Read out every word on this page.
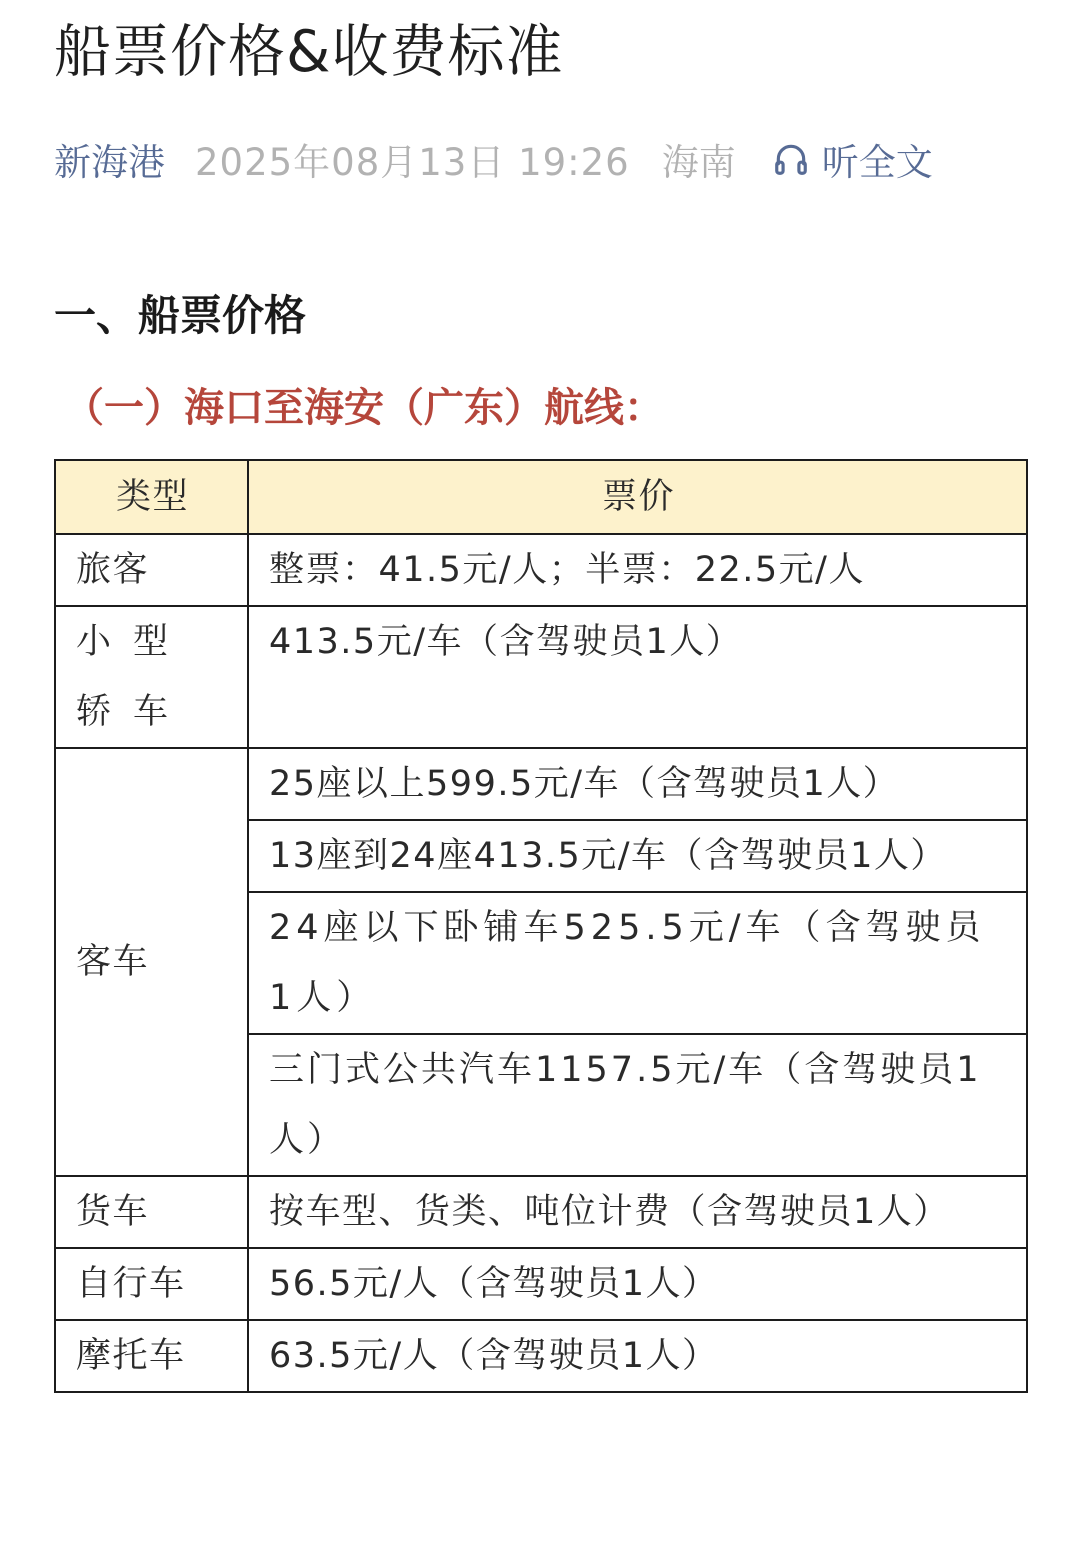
船票价格&收费标准
新海港 2025年08月13日 19:26 海南 听全文
一、船票价格
（一）海口至海安（广东）航线：
类型	票价
旅客	整票：41.5元/人；半票：22.5元/人
小型轿车	413.5元/车（含驾驶员1人）
客车	25座以上599.5元/车（含驾驶员1人）
	13座到24座413.5元/车（含驾驶员1人）
	24座以下卧铺车525.5元/车（含驾驶员1人）
	三门式公共汽车1157.5元/车（含驾驶员1人）
货车	按车型、货类、吨位计费（含驾驶员1人）
自行车	56.5元/人（含驾驶员1人）
摩托车	63.5元/人（含驾驶员1人）
